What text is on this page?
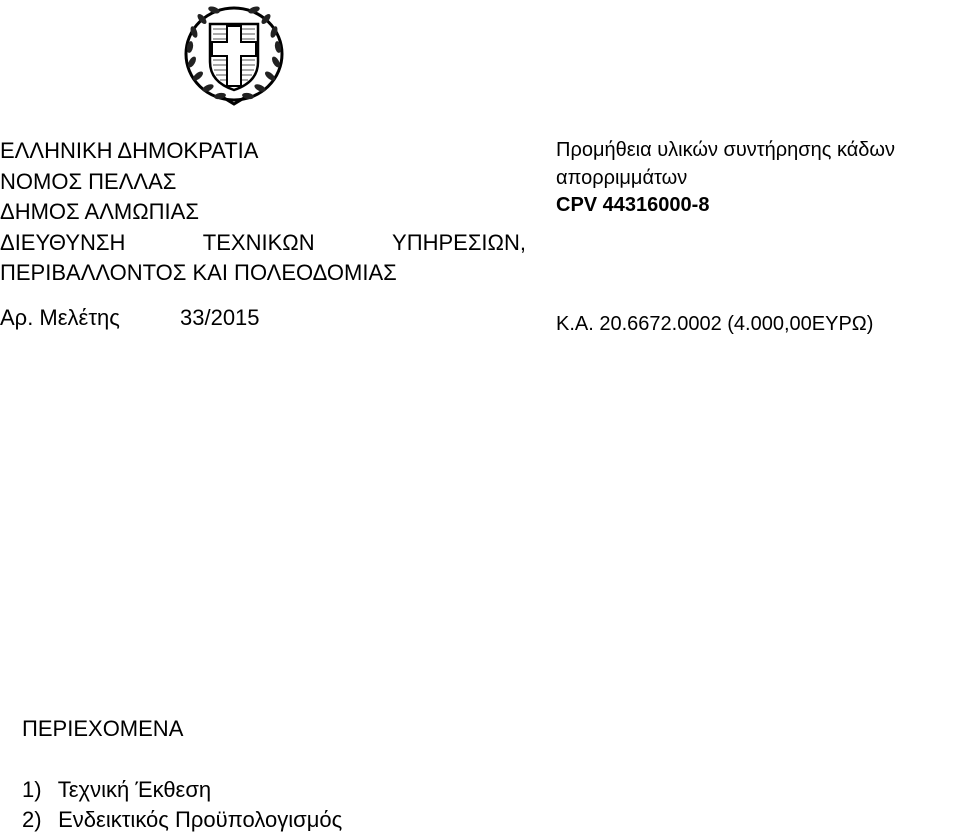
ΕΛΛΗΝΙΚΗ ΔΗΜΟΚΡΑΤΙΑ
ΝΟΜΟΣ ΠΕΛΛΑΣ
ΔΗΜΟΣ ΑΛΜΩΠΙΑΣ
ΔΙΕΥΘΥΝΣΗ	ΤΕΧΝΙΚΩΝ	ΥΠΗΡΕΣΙΩΝ,
ΠΕΡΙΒΑΛΛΟΝΤΟΣ ΚΑΙ ΠΟΛΕΟΔΟΜΙΑΣ
Αρ. Μελέτης	33/2015
Προμήθεια υλικών συντήρησης κάδων
απορριμμάτων
CPV 44316000-8
Κ.Α. 20.6672.0002 (4.000,00ΕΥΡΩ)
ΠΕΡΙΕΧΟΜΕΝΑ
1) Τεχνική Έκθεση
2) Ενδεικτικός Προϋπολογισμός
